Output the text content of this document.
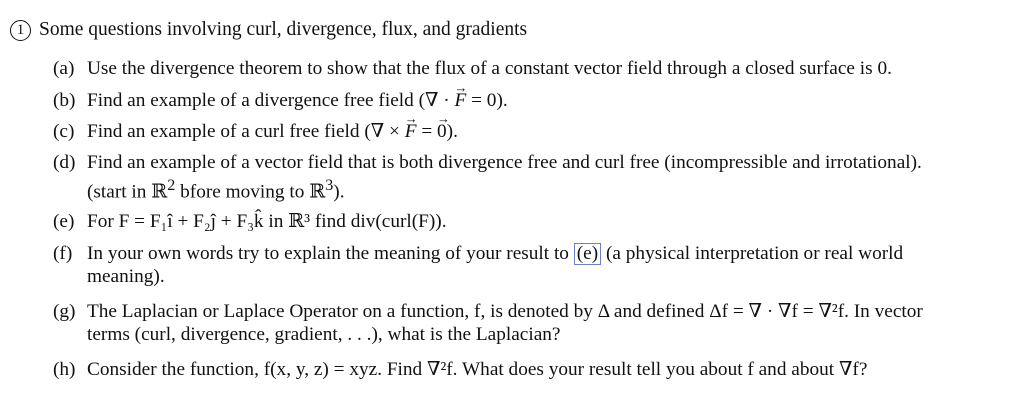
1 Some questions involving curl, divergence, flux, and gradients
(a) Use the divergence theorem to show that the flux of a constant vector field through a closed surface is 0.
(b) Find an example of a divergence free field (∇ · → F = 0).
(c) Find an example of a curl free field (∇ × → F = → 0).
(d) Find an example of a vector field that is both divergence free and curl free (incompressible and irrotational).
(start in ℝ$^2$ bfore moving to ℝ$^3$).
(e) For F = F₁î + F₂ĵ + F₃k̂ in ℝ³ find div(curl(F)).
(f) In your own words try to explain the meaning of your result to (e) (a physical interpretation or real world
meaning).
(g) The Laplacian or Laplace Operator on a function, f, is denoted by Δ and defined Δf = ∇ · ∇f = ∇²f. In vector
terms (curl, divergence, gradient, . . .), what is the Laplacian?
(h) Consider the function, f(x, y, z) = xyz. Find ∇²f. What does your result tell you about f and about ∇f?
